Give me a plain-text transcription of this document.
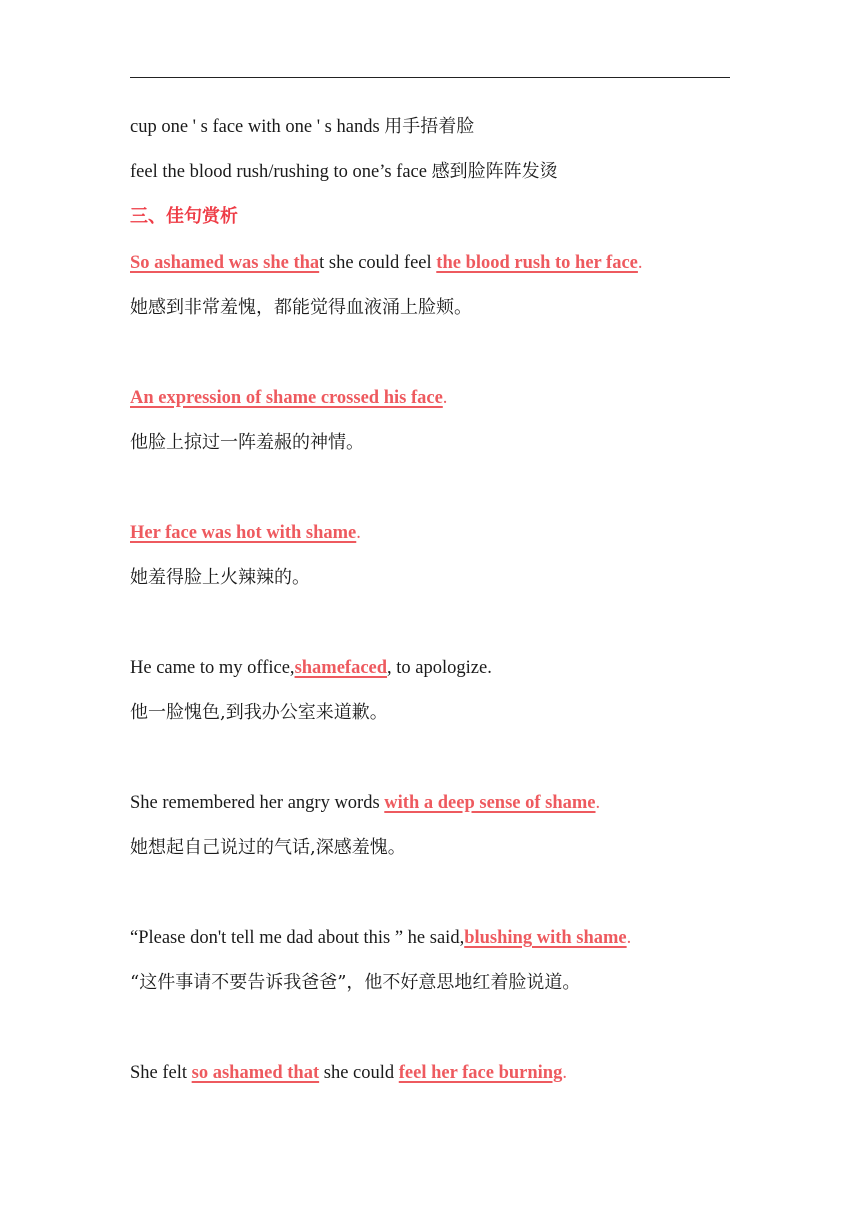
cup one ' s face with one ' s hands 用手捂着脸
feel the blood rush/rushing to one’s face 感到脸阵阵发烫
三、佳句赏析
So ashamed was she that she could feel the blood rush to her face.
她感到非常羞愧，都能觉得血液涌上脸颊。
An expression of shame crossed his face.
他脸上掠过一阵羞赧的神情。
Her face was hot with shame.
她羞得脸上火辣辣的。
He came to my office,shamefaced, to apologize.
他一脸愧色,到我办公室来道歉。
She remembered her angry words with a deep sense of shame.
她想起自己说过的气话,深感羞愧。
“Please don't tell me dad about this ” he said,blushing with shame.
“这件事请不要告诉我爸爸”，他不好意思地红着脸说道。
She felt so ashamed that she could feel her face burning.
